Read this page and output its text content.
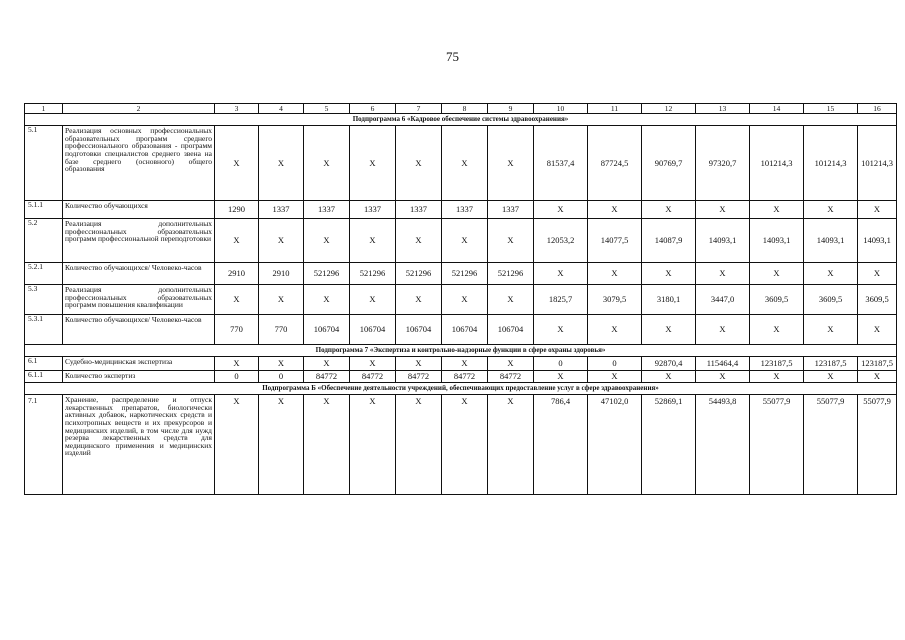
75
1	2	3	4	5	6	7	8	9	10	11	12	13	14	15	16
Подпрограмма 6 «Кадровое обеспечение системы здравоохранения»															
5.1	Реализация основных профессиональных образовательных программ среднего профессионального образования - программ подготовки специалистов среднего звена на базе среднего (основного) общего образования	X	X	X	X	X	X	X	81537,4	87724,5	90769,7	97320,7	101214,3	101214,3	101214,3
5.1.1	Количество обучающихся	1290	1337	1337	1337	1337	1337	1337	X	X	X	X	X	X	X
5.2	Реализация дополнительных профессиональных образовательных программ профессиональной переподготовки	X	X	X	X	X	X	X	12053,2	14077,5	14087,9	14093,1	14093,1	14093,1	14093,1
5.2.1	Количество обучающихся/ Человеко-часов	2910	2910	521296	521296	521296	521296	521296	X	X	X	X	X	X	X
5.3	Реализация дополнительных профессиональных образовательных программ повышения квалификации	X	X	X	X	X	X	X	1825,7	3079,5	3180,1	3447,0	3609,5	3609,5	3609,5
5.3.1	Количество обучающихся/ Человеко-часов	770	770	106704	106704	106704	106704	106704	X	X	X	X	X	X	X
Подпрограмма 7 «Экспертиза и контрольно-надзорные функции в сфере охраны здоровья»															
6.1	Судебно-медицинская экспертиза	X	X	X	X	X	X	X	0	0	92870,4	115464,4	123187,5	123187,5	123187,5
6.1.1	Количество экспертиз	0	0	84772	84772	84772	84772	84772	X	X	X	X	X	X	X
Подпрограмма Б «Обеспечение деятельности учреждений, обеспечивающих предоставление услуг в сфере здравоохранения»															
7.1	Хранение, распределение и отпуск лекарственных препаратов, биологически активных добавок, наркотических средств и психотропных веществ и их прекурсоров и медицинских изделий, в том числе для нужд резерва лекарственных средств для медицинского применения и медицинских изделий	X	X	X	X	X	X	X	786,4	47102,0	52869,1	54493,8	55077,9	55077,9	55077,9
